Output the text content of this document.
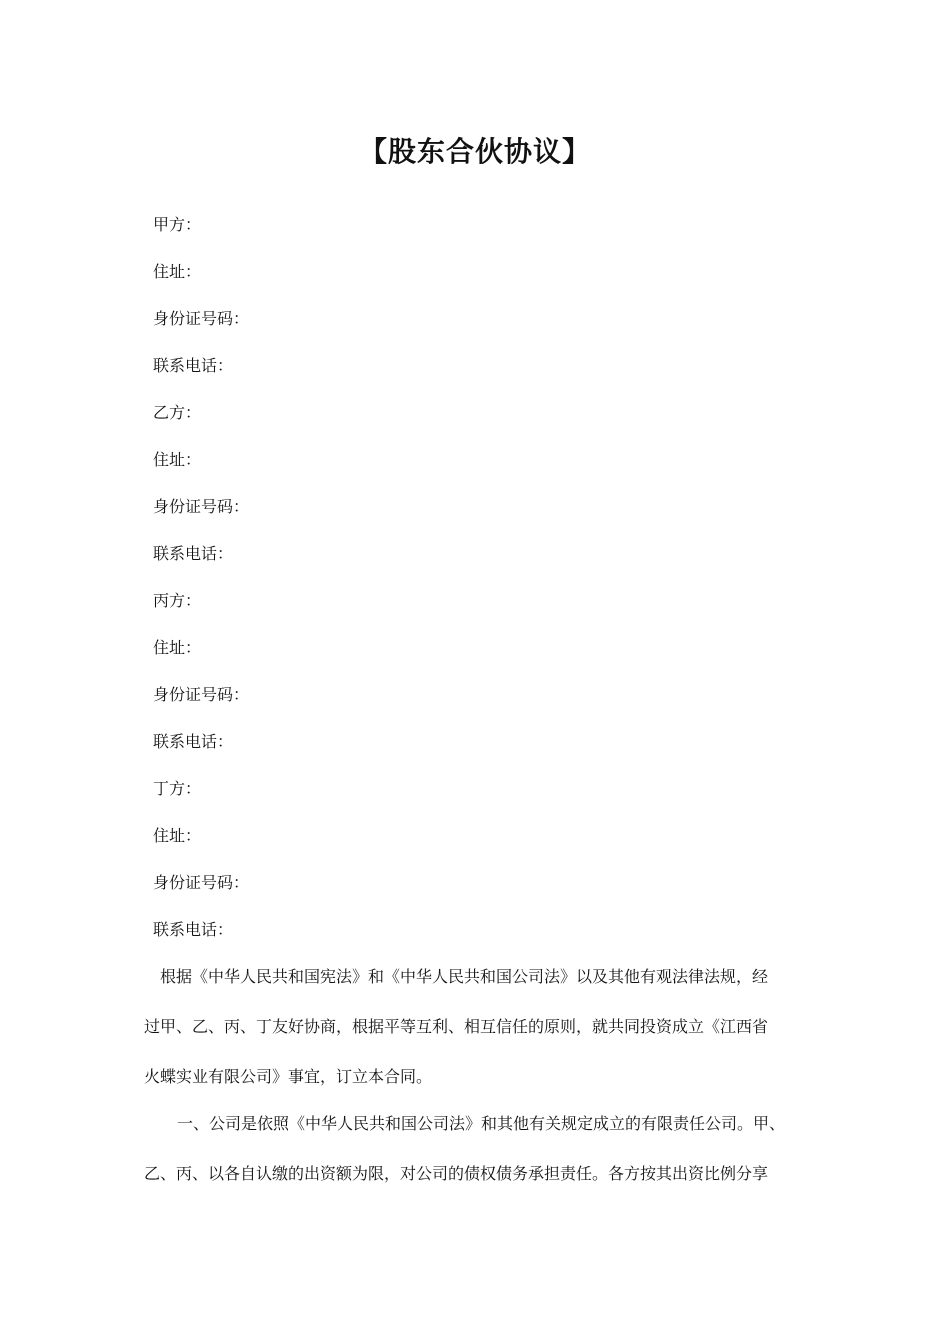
【股东合伙协议】
甲方：
住址：
身份证号码：
联系电话：
乙方：
住址：
身份证号码：
联系电话：
丙方：
住址：
身份证号码：
联系电话：
丁方：
住址：
身份证号码：
联系电话：

根据《中华人民共和国宪法》和《中华人民共和国公司法》以及其他有观法律法规，经
过甲、乙、丙、丁友好协商，根据平等互利、相互信任的原则，就共同投资成立《江西省
火蝶实业有限公司》事宜，订立本合同。

一、公司是依照《中华人民共和国公司法》和其他有关规定成立的有限责任公司。甲、
乙、丙、以各自认缴的出资额为限，对公司的债权债务承担责任。各方按其出资比例分享
